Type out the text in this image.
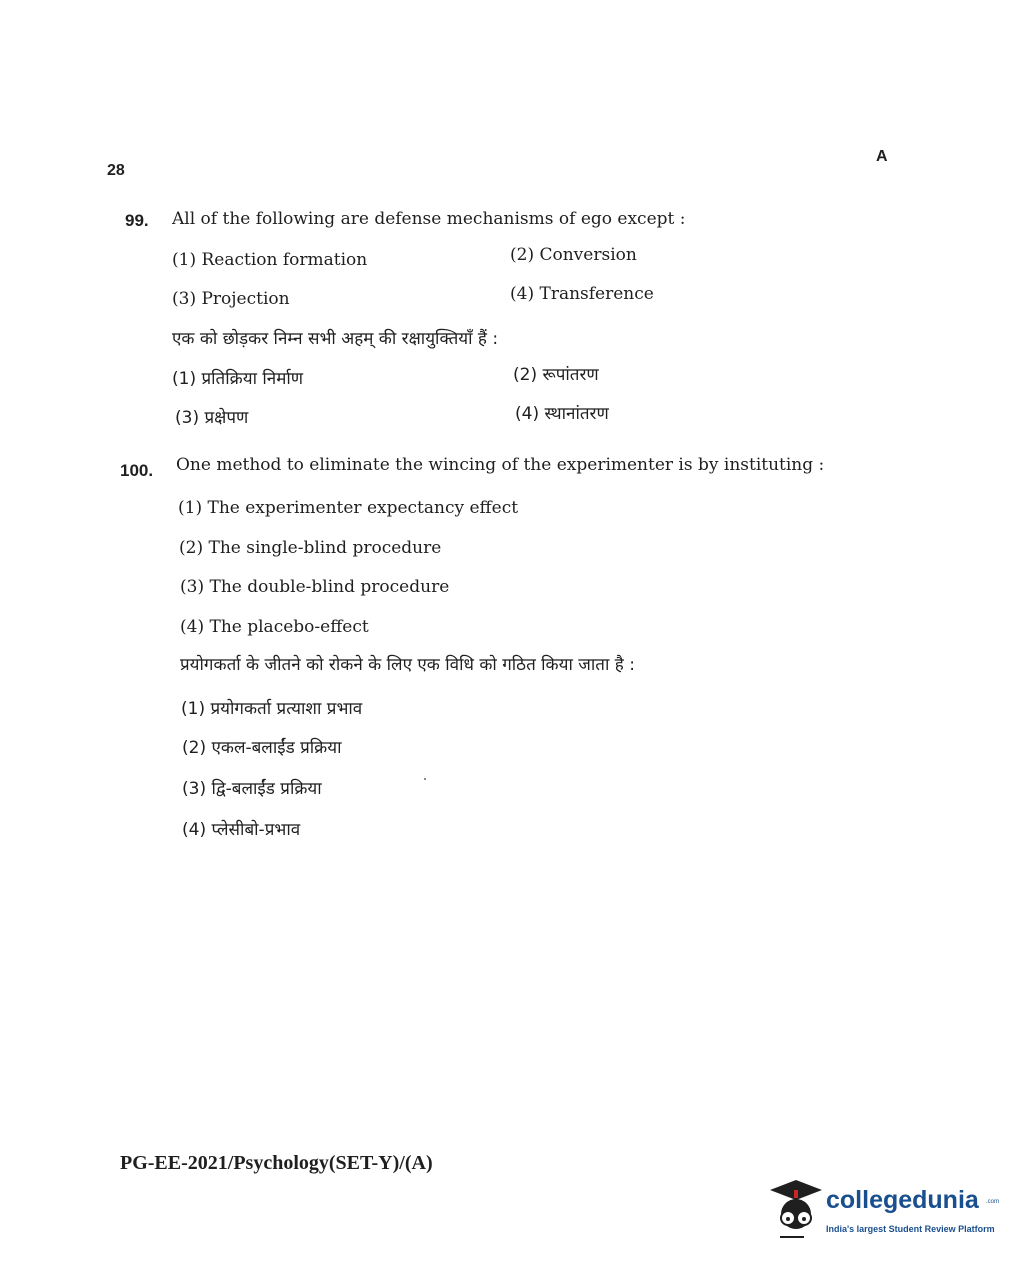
28
A
99. All of the following are defense mechanisms of ego except :
(1) Reaction formation	(2) Conversion
(3) Projection	(4) Transference
एक को छोड़कर निम्न सभी अहम् की रक्षायुक्तियाँ हैं :
(1) प्रतिक्रिया निर्माण	(2) रूपांतरण
(3) प्रक्षेपण	(4) स्थानांतरण
100. One method to eliminate the wincing of the experimenter is by instituting :
(1) The experimenter expectancy effect
(2) The single-blind procedure
(3) The double-blind procedure
(4) The placebo-effect
प्रयोगकर्ता के जीतने को रोकने के लिए एक विधि को गठित किया जाता है :
(1) प्रयोगकर्ता प्रत्याशा प्रभाव
(2) एकल-बलाईंड प्रक्रिया
(3) द्वि-बलाईंड प्रक्रिया
(4) प्लेसीबो-प्रभाव
PG-EE-2021/Psychology(SET-Y)/(A)
collegedunia .com
India's largest Student Review Platform
